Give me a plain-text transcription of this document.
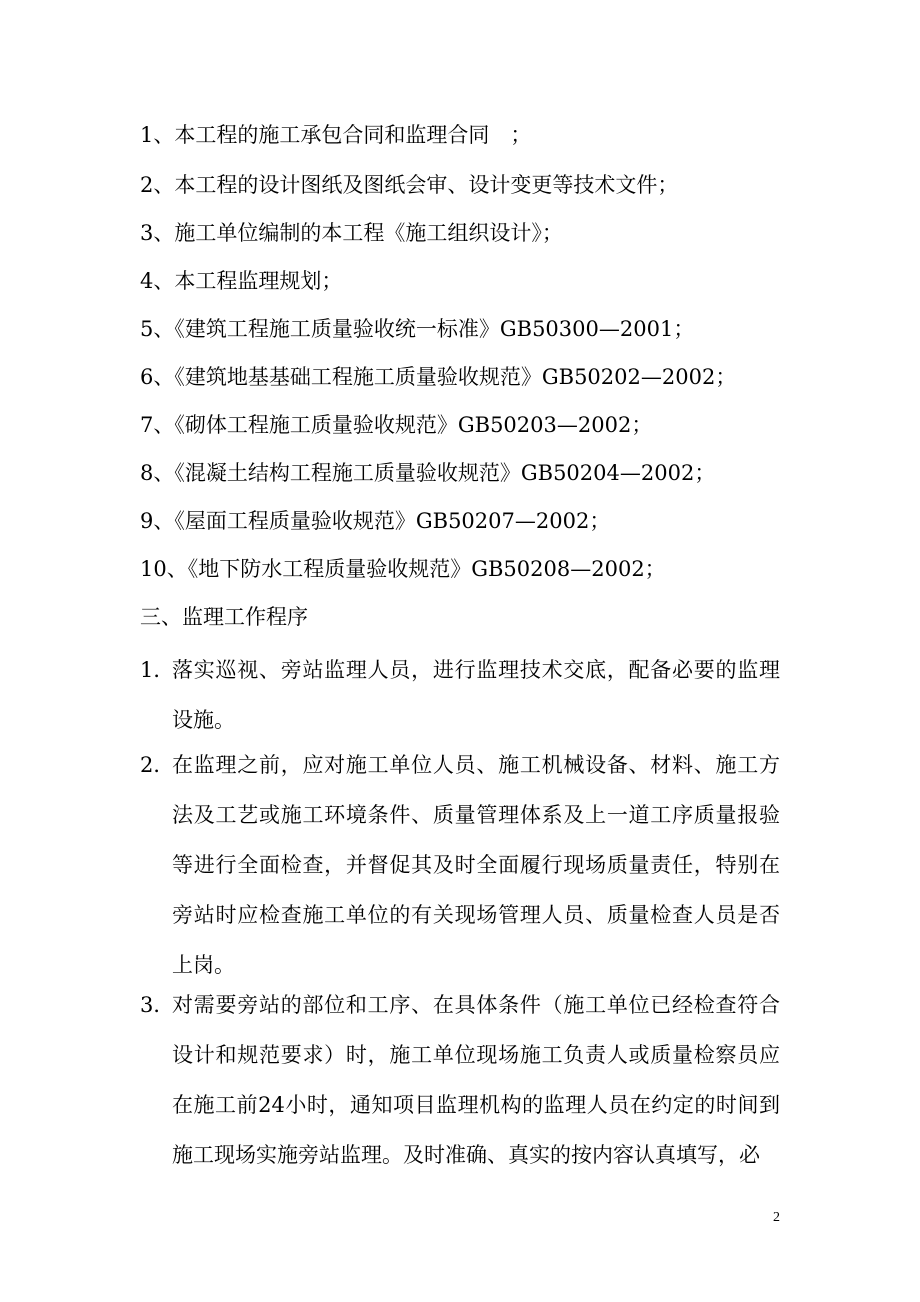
1、本工程的施工承包合同和监理合同　；
2、本工程的设计图纸及图纸会审、设计变更等技术文件；
3、施工单位编制的本工程《施工组织设计》；
4、本工程监理规划；
5、《建筑工程施工质量验收统一标准》GB50300—2001；
6、《建筑地基基础工程施工质量验收规范》GB50202—2002；
7、《砌体工程施工质量验收规范》GB50203—2002；
8、《混凝土结构工程施工质量验收规范》GB50204—2002；
9、《屋面工程质量验收规范》GB50207—2002；
10、《地下防水工程质量验收规范》GB50208—2002；
三、监理工作程序
1．
落实巡视、旁站监理人员，进行监理技术交底，配备必要的监理设施。
2．
在监理之前，应对施工单位人员、施工机械设备、材料、施工方法及工艺或施工环境条件、质量管理体系及上一道工序质量报验等进行全面检查，并督促其及时全面履行现场质量责任，特别在旁站时应检查施工单位的有关现场管理人员、质量检查人员是否上岗。
3．
对需要旁站的部位和工序、在具体条件（施工单位已经检查符合设计和规范要求）时，施工单位现场施工负责人或质量检察员应在施工前24小时，通知项目监理机构的监理人员在约定的时间到施工现场实施旁站监理。及时准确、真实的按内容认真填写，必
2
